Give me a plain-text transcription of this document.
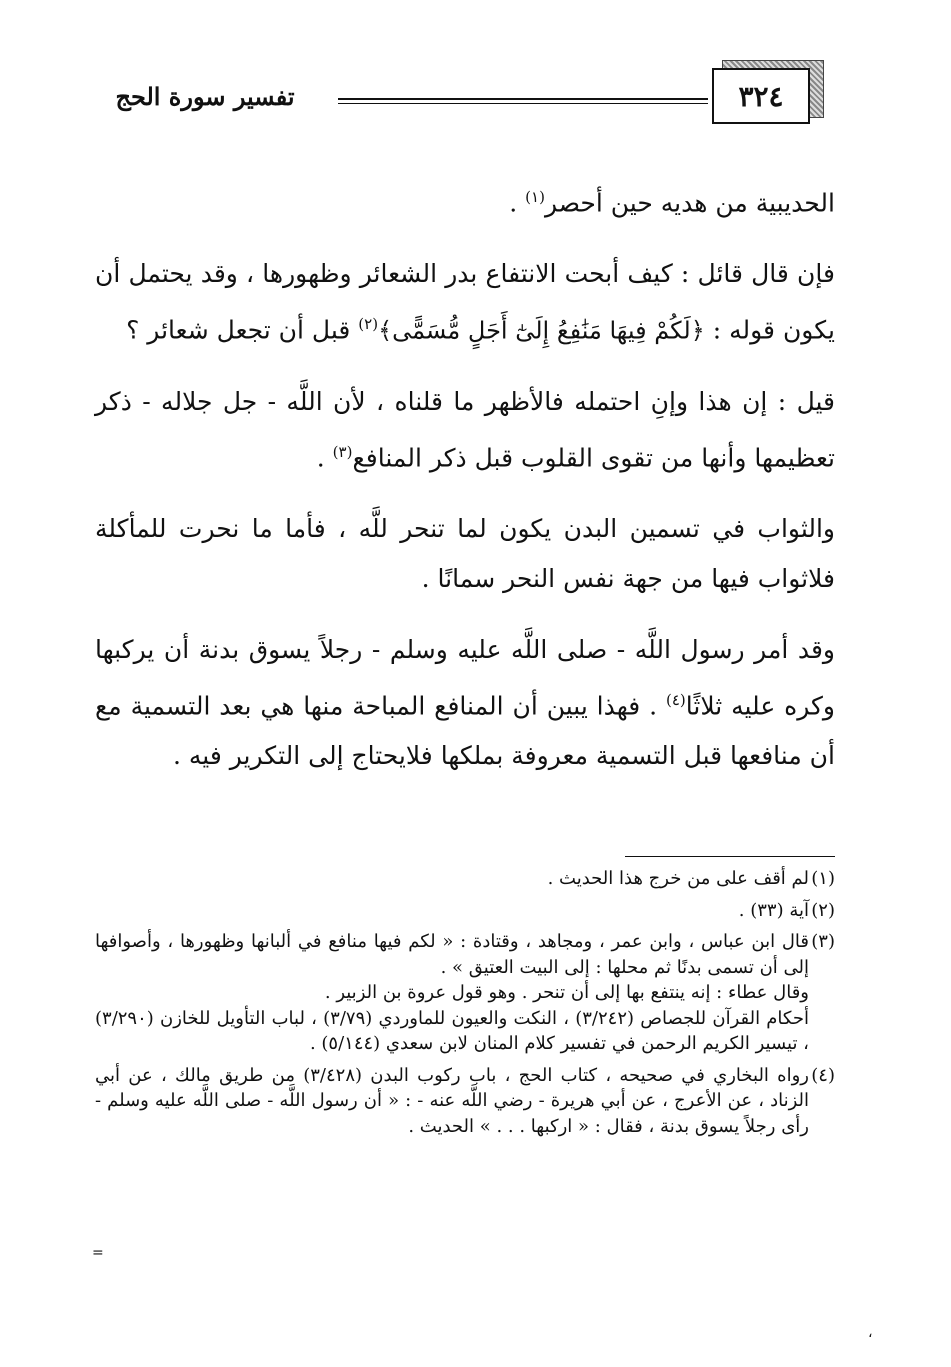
٣٢٤
تفسير سورة الحج

الحديبية من هديه حين أحصر$^{(١)}$ .

فإن قال قائل : كيف أبحت الانتفاع بدر الشعائر وظهورها ، وقد يحتمل أن يكون قوله : ﴿لَكُمْ فِيهَا مَنَٰفِعُ إِلَىٰٓ أَجَلٍ مُّسَمًّى﴾$^{(٢)}$ قبل أن تجعل شعائر ؟

قيل : إن هذا وإنِ احتمله فالأظهر ما قلناه ، لأن اللَّه - جل جلاله - ذكر تعظيمها وأنها من تقوى القلوب قبل ذكر المنافع$^{(٣)}$ .

والثواب في تسمين البدن يكون لما تنحر للَّه ، فأما ما نحرت للمأكلة فلاثواب فيها من جهة نفس النحر سمانًا .

وقد أمر رسول اللَّه - صلى اللَّه عليه وسلم - رجلاً يسوق بدنة أن يركبها وكره عليه ثلاثًا$^{(٤)}$ . فهذا يبين أن المنافع المباحة منها هي بعد التسمية مع أن منافعها قبل التسمية معروفة بملكها فلايحتاج إلى التكرير فيه .

(١)
لم أقف على من خرج هذا الحديث .
(٢)
آية (٣٣) .
(٣)
قال ابن عباس ، وابن عمر ، ومجاهد ، وقتادة : « لكم فيها منافع في ألبانها وظهورها ، وأصوافها إلى أن تسمى بدنًا ثم محلها : إلى البيت العتيق » .
وقال عطاء : إنه ينتفع بها إلى أن تنحر . وهو قول عروة بن الزبير .
أحكام القرآن للجصاص (٣/٢٤٢) ، النكت والعيون للماوردي (٣/٧٩) ، لباب التأويل للخازن (٣/٢٩٠) ، تيسير الكريم الرحمن في تفسير كلام المنان لابن سعدي (٥/١٤٤) .
(٤)
رواه البخاري في صحيحه ، كتاب الحج ، باب ركوب البدن (٣/٤٢٨) من طريق مالك ، عن أبي الزناد ، عن الأعرج ، عن أبي هريرة - رضي اللَّه عنه - : « أن رسول اللَّه - صلى اللَّه عليه وسلم - رأى رجلاً يسوق بدنة ، فقال : « اركبها . . . » الحديث .
=
،
